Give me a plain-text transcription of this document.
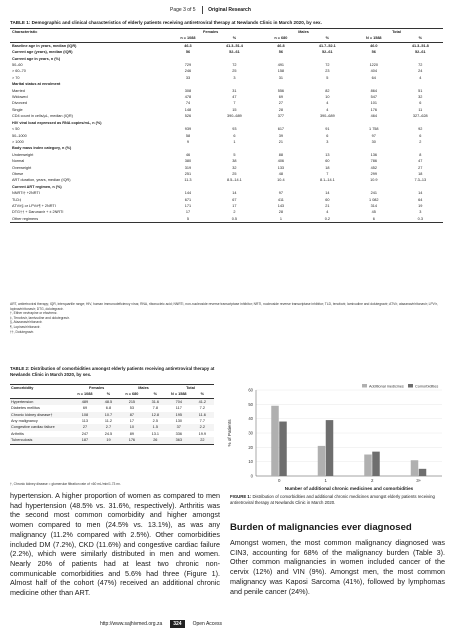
Page 3 of 5	Original Research
TABLE 1: Demographic and clinical characteristics of elderly patients receiving antiretroviral therapy at Newlands Clinic in March 2020, by sex.
Characteristic	Females		Males		Total	
	n = 1088	%	n = 680	%	N = 1588	%
Baseline age in years, median (IQR)	46.3	41.3–51.4	46.8	41.7–52.1	46.0	41.3–51.8
Current age (years), median (IQR)	56	52–61	56	52–61	56	52–61
Current age in years, n (%)						
50–60	729	72	491	72	1220	72
> 60–70	246	25	158	23	404	24
> 70	33	3	31	5	64	4
Marital status at enrolment						
Married	308	31	556	82	864	51
Widowed	478	47	69	10	547	32
Divorced	74	7	27	4	101	6
Single	148	15	28	4	176	11
CD4 count in cells/μL, median (IQR)	526	390–689	377	390–689	464	327–628
HIV viral load expressed as RNA copies/mL, n (%)						
< 50	939	93	617	91	1 758	92
50–1000	58	6	39	6	97	6
> 1000	9	1	21	3	30	2
Body mass index category, n (%)						
Underweight	46	5	88	13	136	8
Normal	380	38	406	60	786	47
Overweight	319	32	133	18	452	27
Obese	251	25	48	7	299	18
ART duration, years, median (IQR)	11.3	8.5–14.1	10.4	8.1–14.1	10.9	7.3–13
Current ART regimen, n (%)						
NNRTI† +2NRTI	144	14	97	14	241	14
TLD‡	671	67	411	60	1 082	64
ATV/r§ or LPV/r¶ + 2NRTI	171	17	143	21	314	19
DTG†† + Darunavir + ± 2NRTI	17	2	28	4	45	3
Other regimens	5	0.5	1	0.2	6	0.3
ART, antiretroviral therapy; IQR, interquartile range; HIV, human immunodeficiency virus; RNA, ribonucleic acid; NNRTI, non-nucleoside reverse transcriptase inhibitor; NRTI, nucleoside reverse transcriptase inhibitor; TLD, tenofovir, lamivudine and dolutegravir; ATV/r, atazanavir/ritonavir; LPV/r, lopinavir/ritonavir; DTG, dolutegravir.
†, Either nevirapine or efavirenz.
‡, Tenofovir, lamivudine and dolutegravir.
§, Atazanavir/ritonavir.
¶, Lopinavir/ritonavir.
††, Dolutegravir.
TABLE 2: Distribution of comorbidities amongst elderly patients receiving antiretroviral therapy at Newlands Clinic in March 2020, by sex.
Comorbidity	Females		Males		Total	
	n = 1088	%	n = 680	%	N = 1588	%
Hypertension	489	48.5	215	31.6	704	41.2
Diabetes mellitus	69	6.8	53	7.8	117	7.2
Chronic kidney disease†	108	10.7	87	12.8	195	11.6
Any malignancy	113	11.2	17	2.5	130	7.7
Congestive cardiac failure	27	2.7	10	1.5	37	2.2
Arthritis	247	24.5	89	13.1	336	19.9
Tuberculosis	187	19	176	26	363	22
†, Chronic kidney disease = glomerular filtration rate of <60 mL/min/1.73 m².
0
10
20
30
40
50
60
0	1	2	3+
% of Patients
Number of additional chronic medicines and comorbidities
Additional medicines	Comorbidities
FIGURE 1: Distribution of comorbidities and additional chronic medicines amongst elderly patients receiving antiretroviral therapy at Newlands Clinic in March 2020.
hypertension. A higher proportion of women as compared to men had hypertension (48.5% vs. 31.6%, respectively). Arthritis was the second most common comorbidity and higher amongst women compared to men (24.5% vs. 13.1%), as was any malignancy (11.2% compared with 2.5%). Other comorbidities included DM (7.2%), CKD (11.6%) and congestive cardiac failure (2.2%), which were similarly distributed in men and women. Nearly 20% of patients had at least two chronic non-communicable comorbidities and 5.6% had three (Figure 1). Almost half of the cohort (47%) received an additional chronic medicine other than ART.
Burden of malignancies ever diagnosed
Amongst women, the most common malignancy diagnosed was CIN3, accounting for 68% of the malignancy burden (Table 3). Other common malignancies in women included cancer of the cervix (12%) and VIN (9%). Amongst men, the most common malignancy was Kaposi Sarcoma (41%), followed by lymphomas and penile cancer (24%).
http://www.sajhivmed.org.za	324	Open Access
